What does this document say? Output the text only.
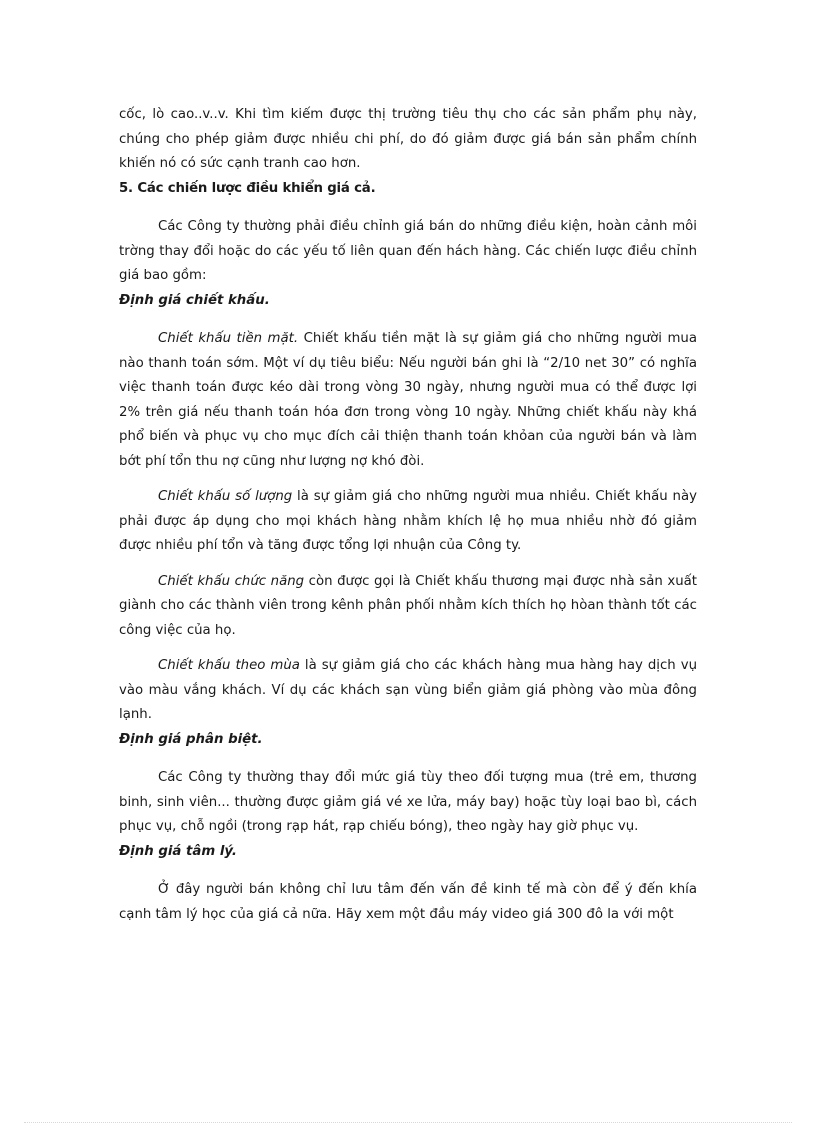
cốc, lò cao..v..v. Khi tìm kiếm được thị trường tiêu thụ cho các sản phẩm phụ này, chúng cho phép giảm được nhiều chi phí, do đó giảm được giá bán sản phẩm chính khiến nó có sức cạnh tranh cao hơn.

5. Các chiến lược điều khiển giá cả.

Các Công ty thường phải điều chỉnh giá bán do những điều kiện, hoàn cảnh môi trờng thay đổi hoặc do các yếu tố liên quan đến hách hàng. Các chiến lược điều chỉnh giá bao gồm:

Định giá chiết khấu.

Chiết khấu tiền mặt. Chiết khấu tiền mặt là sự giảm giá cho những người mua nào thanh toán sớm. Một ví dụ tiêu biểu: Nếu người bán ghi là “2/10 net 30” có nghĩa việc thanh toán được kéo dài trong vòng 30 ngày, nhưng người mua có thể được lợi 2% trên giá nếu thanh toán hóa đơn trong vòng 10 ngày. Những chiết khấu này khá phổ biến và phục vụ cho mục đích cải thiện thanh toán khỏan của người bán và làm bớt phí tổn thu nợ cũng như lượng nợ khó đòi.

Chiết khấu số lượng là sự giảm giá cho những người mua nhiều. Chiết khấu này phải được áp dụng cho mọi khách hàng nhằm khích lệ họ mua nhiều nhờ đó giảm được nhiều phí tổn và tăng được tổng lợi nhuận của Công ty.

Chiết khấu chức năng còn được gọi là Chiết khấu thương mại được nhà sản xuất giành cho các thành viên trong kênh phân phối nhằm kích thích họ hòan thành tốt các công việc của họ.

Chiết khấu theo mùa là sự giảm giá cho các khách hàng mua hàng hay dịch vụ vào màu vắng khách. Ví dụ các khách sạn vùng biển giảm giá phòng vào mùa đông lạnh.

Định giá phân biệt.

Các Công ty thường thay đổi mức giá tùy theo đối tượng mua (trẻ em, thương binh, sinh viên... thường được giảm giá vé xe lửa, máy bay) hoặc tùy loại bao bì, cách phục vụ, chỗ ngồi (trong rạp hát, rạp chiếu bóng), theo ngày hay giờ phục vụ.

Định giá tâm lý.

Ở đây người bán không chỉ lưu tâm đến vấn đề kinh tế mà còn để ý đến khía cạnh tâm lý học của giá cả nữa. Hãy xem một đầu máy video giá 300 đô la với một
